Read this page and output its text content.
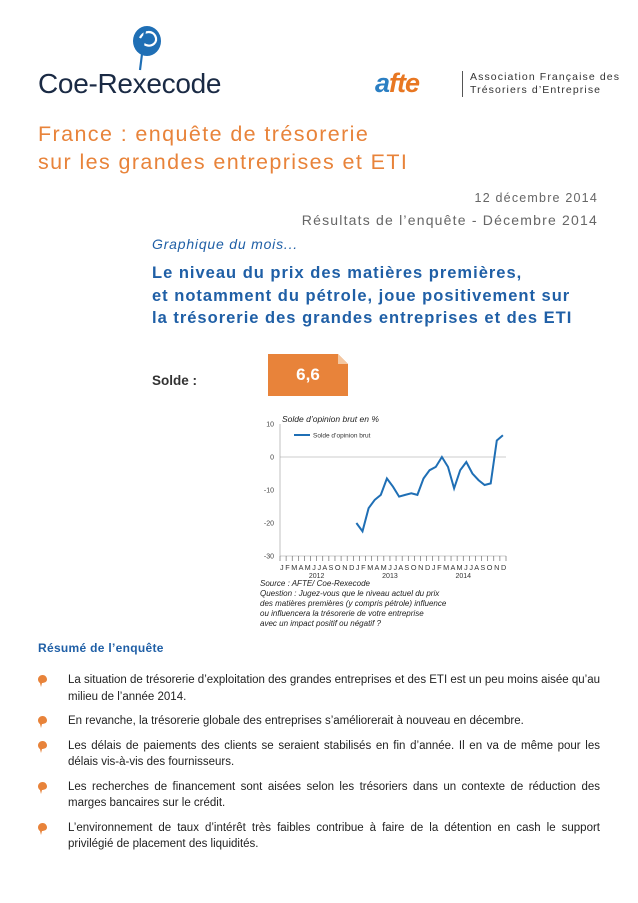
Coe-Rexecode	afte	Association Française des
Trésoriers d’Entreprise
France : enquête de trésorerie
sur les grandes entreprises et ETI
12 décembre 2014
Résultats de l’enquête - Décembre 2014
Graphique du mois...
Le niveau du prix des matières premières,
et notamment du pétrole, joue positivement sur
la trésorerie des grandes entreprises et des ETI
Solde :	6,6
10
0
-10
-20
-30
2012	2013	2014
Solde d’opinion brut en %
Solde d’opinion brut
J F M A M J J A S O N D J F M A M J J A S O N D J F M A M J J A S O N D
Source : AFTE/ Coe-Rexecode
Question : Jugez-vous que le niveau actuel du prix
des matières premières (y compris pétrole) influence
ou influencera la trésorerie de votre entreprise
avec un impact positif ou négatif ?
Résumé de l’enquête
La situation de trésorerie d’exploitation des grandes entreprises et des ETI est un peu moins aisée qu’au milieu de l’année 2014.
En revanche, la trésorerie globale des entreprises s’améliorerait à nouveau en décembre.
Les délais de paiements des clients se seraient stabilisés en fin d’année. Il en va de même pour les délais vis-à-vis des fournisseurs.
Les recherches de financement sont aisées selon les trésoriers dans un contexte de réduction des marges bancaires sur le crédit.
L’environnement de taux d’intérêt très faibles contribue à faire de la détention en cash le support privilégié de placement des liquidités.
